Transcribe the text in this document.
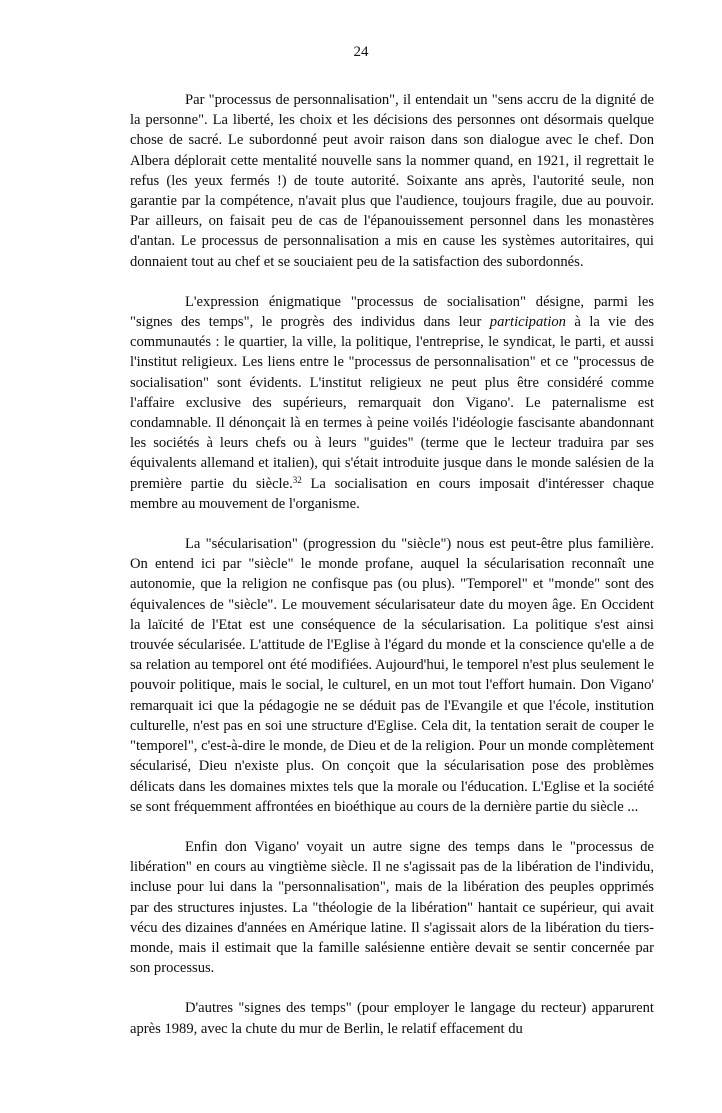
24

Par "processus de personnalisation", il entendait un "sens accru de la dignité de la personne". La liberté, les choix et les décisions des personnes ont désormais quelque chose de sacré. Le subordonné peut avoir raison dans son dialogue avec le chef. Don Albera déplorait cette mentalité nouvelle sans la nommer quand, en 1921, il regrettait le refus (les yeux fermés !) de toute autorité. Soixante ans après, l'autorité seule, non garantie par la compétence, n'avait plus que l'audience, toujours fragile, due au pouvoir. Par ailleurs, on faisait peu de cas de l'épanouissement personnel dans les monastères d'antan. Le processus de personnalisation a mis en cause les systèmes autoritaires, qui donnaient tout au chef et se souciaient peu de la satisfaction des subordonnés.

L'expression énigmatique "processus de socialisation" désigne, parmi les "signes des temps", le progrès des individus dans leur participation à la vie des communautés : le quartier, la ville, la politique, l'entreprise, le syndicat, le parti, et aussi l'institut religieux. Les liens entre le "processus de personnalisation" et ce "processus de socialisation" sont évidents. L'institut religieux ne peut plus être considéré comme l'affaire exclusive des supérieurs, remarquait don Vigano'. Le paternalisme est condamnable. Il dénonçait là en termes à peine voilés l'idéologie fascisante abandonnant les sociétés à leurs chefs ou à leurs "guides" (terme que le lecteur traduira par ses équivalents allemand et italien), qui s'était introduite jusque dans le monde salésien de la première partie du siècle.$^{32}$ La socialisation en cours imposait d'intéresser chaque membre au mouvement de l'organisme.

La "sécularisation" (progression du "siècle") nous est peut-être plus familière. On entend ici par "siècle" le monde profane, auquel la sécularisation reconnaît une autonomie, que la religion ne confisque pas (ou plus). "Temporel" et "monde" sont des équivalences de "siècle". Le mouvement sécularisateur date du moyen âge. En Occident la laïcité de l'Etat est une conséquence de la sécularisation. La politique s'est ainsi trouvée sécularisée. L'attitude de l'Eglise à l'égard du monde et la conscience qu'elle a de sa relation au temporel ont été modifiées. Aujourd'hui, le temporel n'est plus seulement le pouvoir politique, mais le social, le culturel, en un mot tout l'effort humain. Don Vigano' remarquait ici que la pédagogie ne se déduit pas de l'Evangile et que l'école, institution culturelle, n'est pas en soi une structure d'Eglise. Cela dit, la tentation serait de couper le "temporel", c'est-à-dire le monde, de Dieu et de la religion. Pour un monde complètement sécularisé, Dieu n'existe plus. On conçoit que la sécularisation pose des problèmes délicats dans les domaines mixtes tels que la morale ou l'éducation. L'Eglise et la société se sont fréquemment affrontées en bioéthique au cours de la dernière partie du siècle ...

Enfin don Vigano' voyait un autre signe des temps dans le "processus de libération" en cours au vingtième siècle. Il ne s'agissait pas de la libération de l'individu, incluse pour lui dans la "personnalisation", mais de la libération des peuples opprimés par des structures injustes. La "théologie de la libération" hantait ce supérieur, qui avait vécu des dizaines d'années en Amérique latine. Il s'agissait alors de la libération du tiers-monde, mais il estimait que la famille salésienne entière devait se sentir concernée par son processus.

D'autres "signes des temps" (pour employer le langage du recteur) apparurent après 1989, avec la chute du mur de Berlin, le relatif effacement du
